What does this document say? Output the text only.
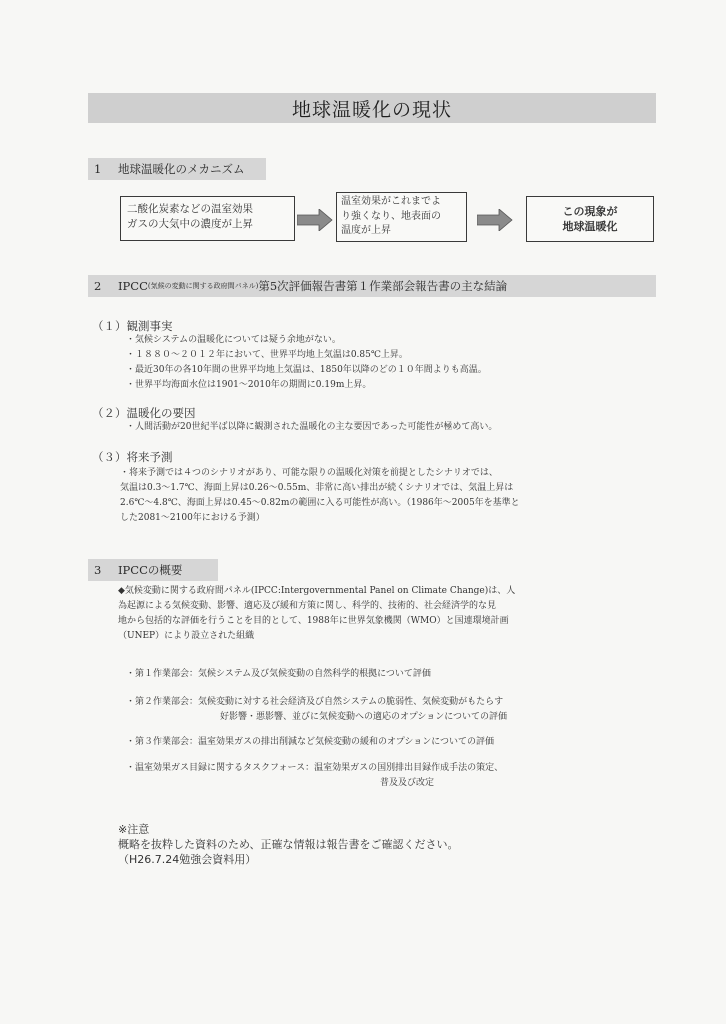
地球温暖化の現状
1	地球温暖化のメカニズム
二酸化炭素などの温室効果
ガスの大気中の濃度が上昇
温室効果がこれまでよ
り強くなり、地表面の
温度が上昇
この現象が
地球温暖化
2	IPCC (気候の変動に関する政府間パネル) 第5次評価報告書第１作業部会報告書の主な結論
（１）観測事実
・気候システムの温暖化については疑う余地がない。
・１８８０～２０１２年において、世界平均地上気温は0.85℃上昇。
・最近30年の各10年間の世界平均地上気温は、1850年以降のどの１０年間よりも高温。
・世界平均海面水位は1901～2010年の期間に0.19m上昇。
（２）温暖化の要因
・人間活動が20世紀半ば以降に観測された温暖化の主な要因であった可能性が極めて高い。
（３）将来予測
・将来予測では４つのシナリオがあり、可能な限りの温暖化対策を前提としたシナリオでは、
気温は0.3～1.7℃、海面上昇は0.26～0.55m、非常に高い排出が続くシナリオでは、気温上昇は
2.6℃～4.8℃、海面上昇は0.45～0.82mの範囲に入る可能性が高い。（1986年～2005年を基準と
した2081～2100年における予測）
3	IPCCの概要
◆気候変動に関する政府間パネル(IPCC:Intergovernmental Panel on Climate Change)は、人
為起源による気候変動、影響、適応及び緩和方策に関し、科学的、技術的、社会経済学的な見
地から包括的な評価を行うことを目的として、1988年に世界気象機関（WMO）と国連環境計画
（UNEP）により設立された組織
・第１作業部会：気候システム及び気候変動の自然科学的根拠について評価
・第２作業部会：気候変動に対する社会経済及び自然システムの脆弱性、気候変動がもたらす
好影響・悪影響、並びに気候変動への適応のオプションについての評価
・第３作業部会：温室効果ガスの排出削減など気候変動の緩和のオプションについての評価
・温室効果ガス目録に関するタスクフォース：温室効果ガスの国別排出目録作成手法の策定、
普及及び改定
※注意
概略を抜粋した資料のため、正確な情報は報告書をご確認ください。
（H26.7.24勉強会資料用）
